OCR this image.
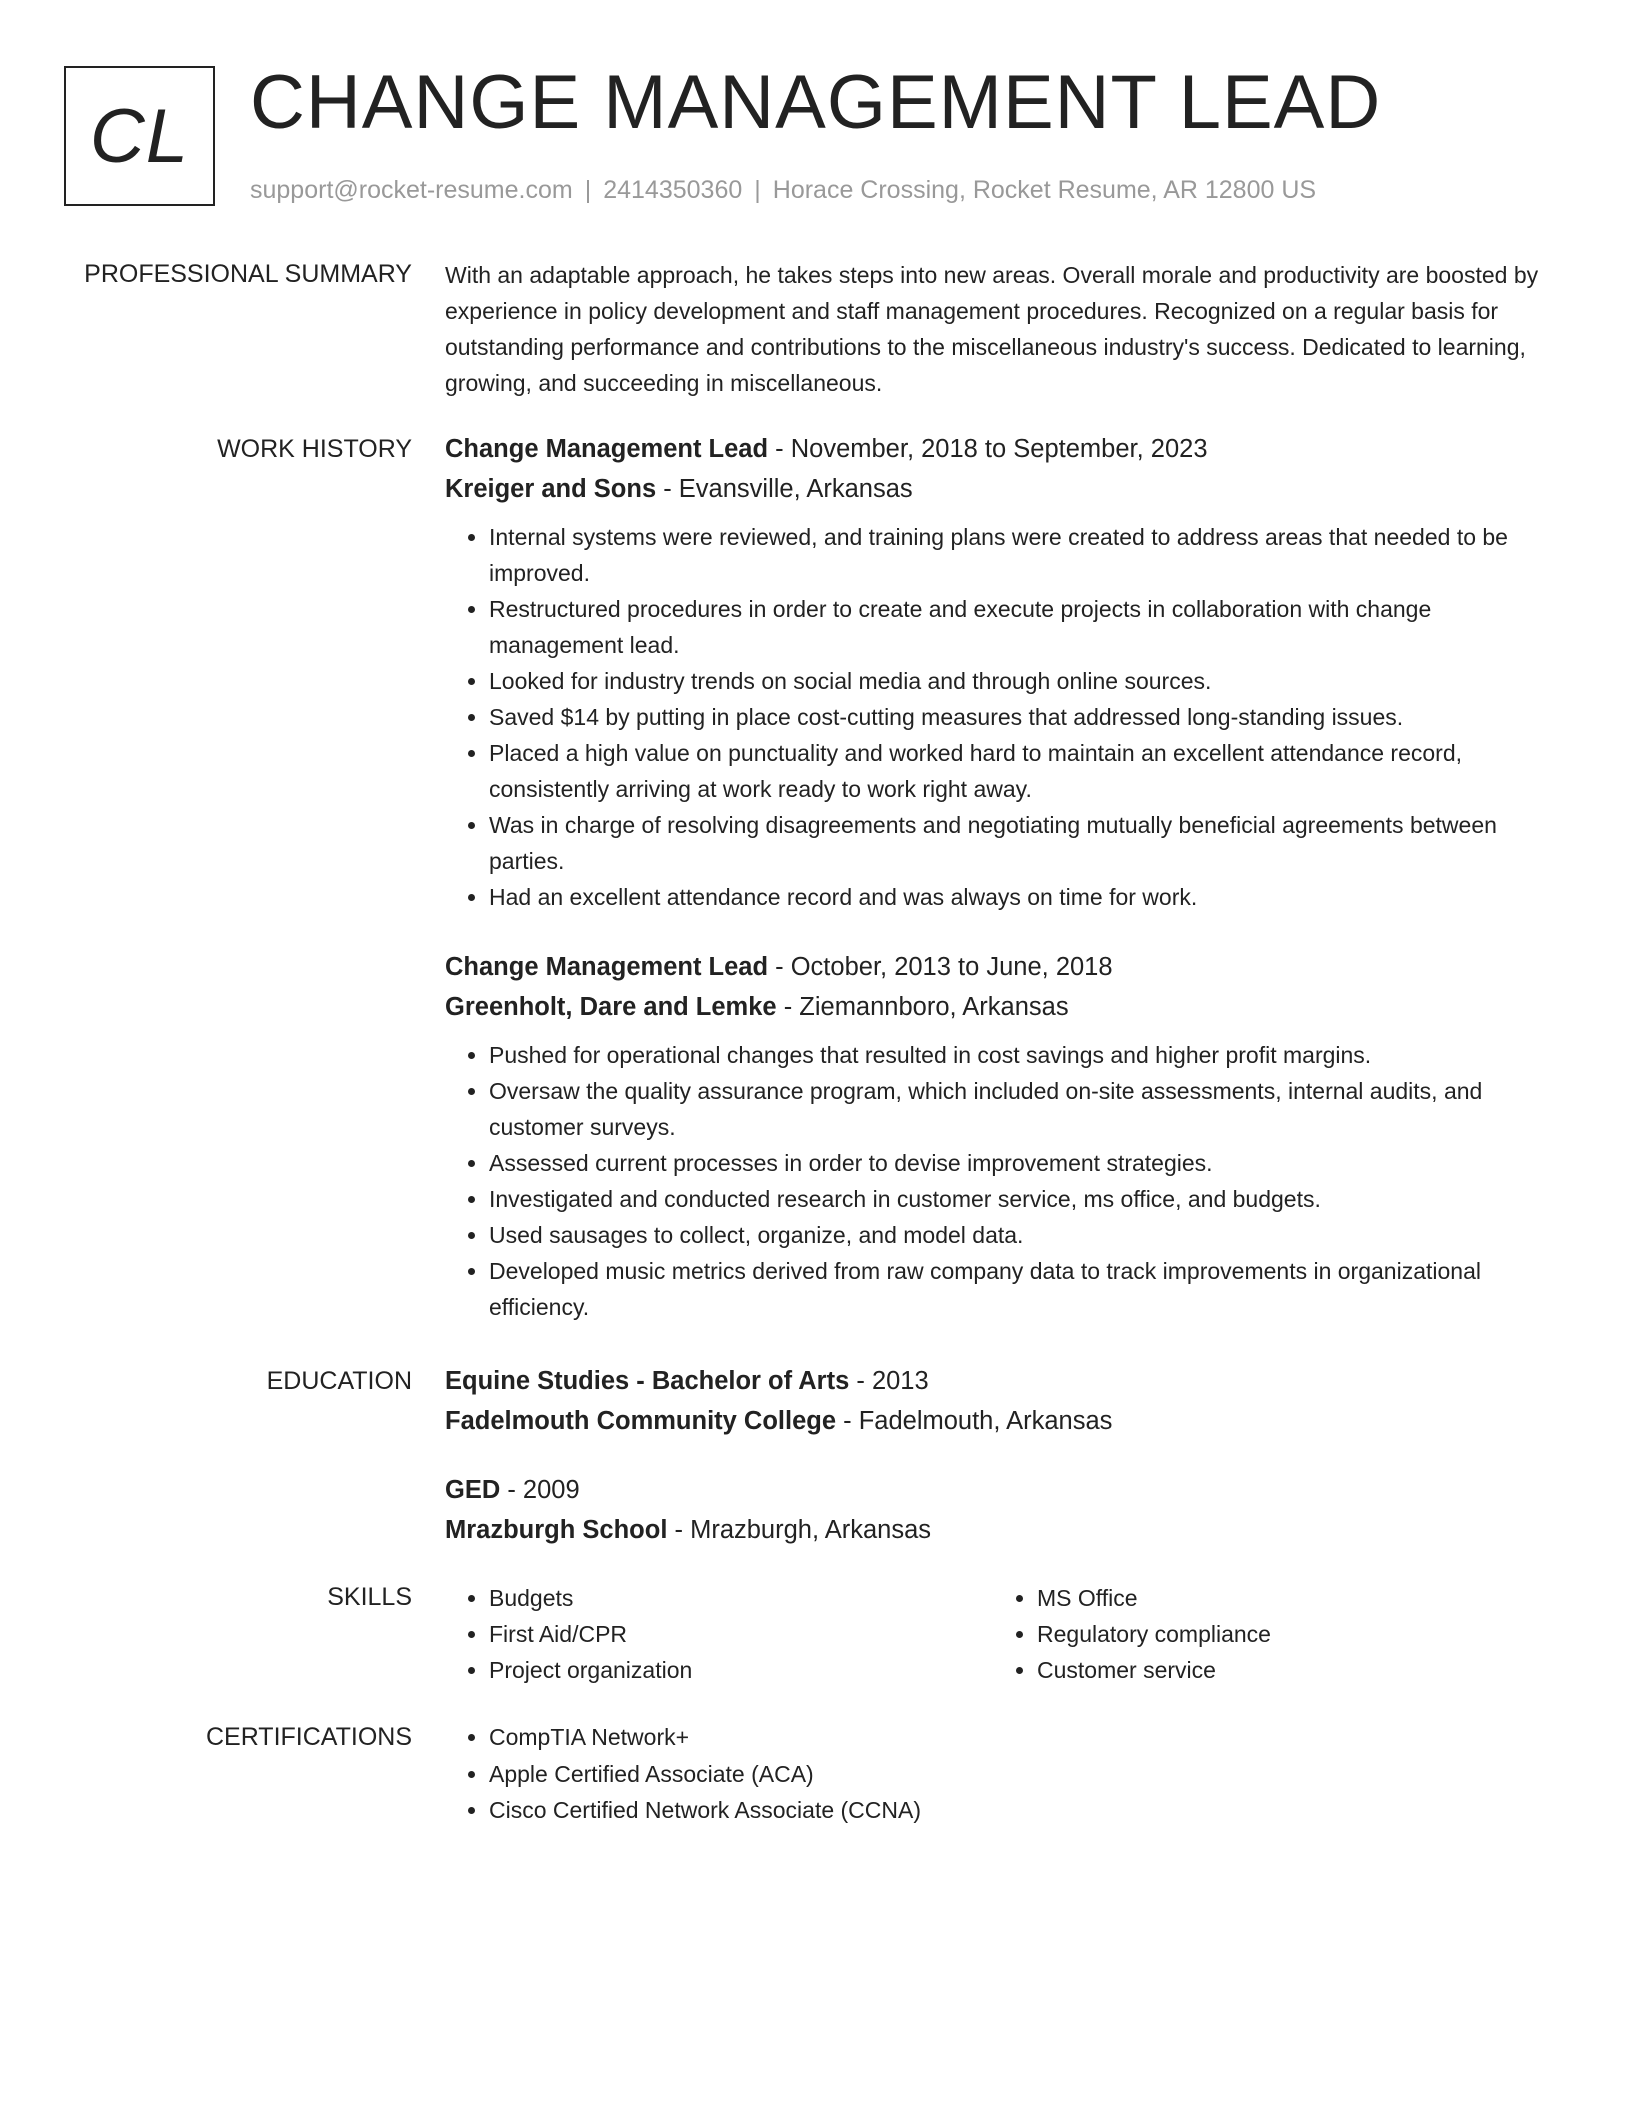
CL CHANGE MANAGEMENT LEAD
support@rocket-resume.com | 2414350360 | Horace Crossing, Rocket Resume, AR 12800 US
PROFESSIONAL SUMMARY With an adaptable approach, he takes steps into new areas. Overall morale and productivity are boosted by experience in policy development and staff management procedures. Recognized on a regular basis for outstanding performance and contributions to the miscellaneous industry's success. Dedicated to learning, growing, and succeeding in miscellaneous.

WORK HISTORY Change Management Lead - November, 2018 to September, 2023
Kreiger and Sons - Evansville, Arkansas
• Internal systems were reviewed, and training plans were created to address areas that needed to be improved.
• Restructured procedures in order to create and execute projects in collaboration with change management lead.
• Looked for industry trends on social media and through online sources.
• Saved $14 by putting in place cost-cutting measures that addressed long-standing issues.
• Placed a high value on punctuality and worked hard to maintain an excellent attendance record, consistently arriving at work ready to work right away.
• Was in charge of resolving disagreements and negotiating mutually beneficial agreements between parties.
• Had an excellent attendance record and was always on time for work.
Change Management Lead - October, 2013 to June, 2018
Greenholt, Dare and Lemke - Ziemannboro, Arkansas
• Pushed for operational changes that resulted in cost savings and higher profit margins.
• Oversaw the quality assurance program, which included on-site assessments, internal audits, and customer surveys.
• Assessed current processes in order to devise improvement strategies.
• Investigated and conducted research in customer service, ms office, and budgets.
• Used sausages to collect, organize, and model data.
• Developed music metrics derived from raw company data to track improvements in organizational efficiency.
EDUCATION Equine Studies - Bachelor of Arts - 2013
Fadelmouth Community College - Fadelmouth, Arkansas
GED - 2009
Mrazburgh School - Mrazburgh, Arkansas
SKILLS	• Budgets
• First Aid/CPR
• Project organization
• MS Office
• Regulatory compliance
• Customer service
CERTIFICATIONS	• CompTIA Network+
• Apple Certified Associate (ACA)
• Cisco Certified Network Associate (CCNA)
